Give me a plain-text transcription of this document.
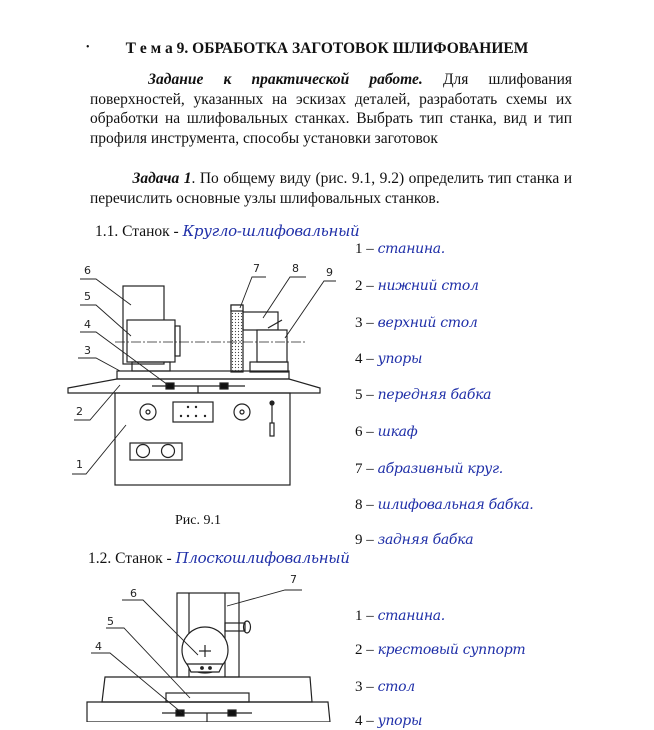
•	Т е м а 9. ОБРАБОТКА ЗАГОТОВОК ШЛИФОВАНИЕМ
Задание к практической работе. Для шлифования поверхностей, указанных на эскизах деталей, разработать схемы их обработки на шлифовальных станках. Выбрать тип станка, вид и тип профиля инструмента, способы установки заготовок
Задача 1. По общему виду (рис. 9.1, 9.2) определить тип станка и перечислить основные узлы шлифовальных станков.
1.1. Станок - Кругло-шлифовальный
1 – станина.
2 – нижний стол
3 – верхний стол
4 – упоры
5 – передняя бабка
6 – шкаф
7 – абразивный круг.
8 – шлифовальная бабка.
9 – задняя бабка
Рис. 9.1
1.2. Станок - Плоскошлифовальный
1 – станина.
2 – крестовый суппорт
3 – стол
4 – упоры
6
5
4
3
2
1
7	8 9
7
6
5
4
